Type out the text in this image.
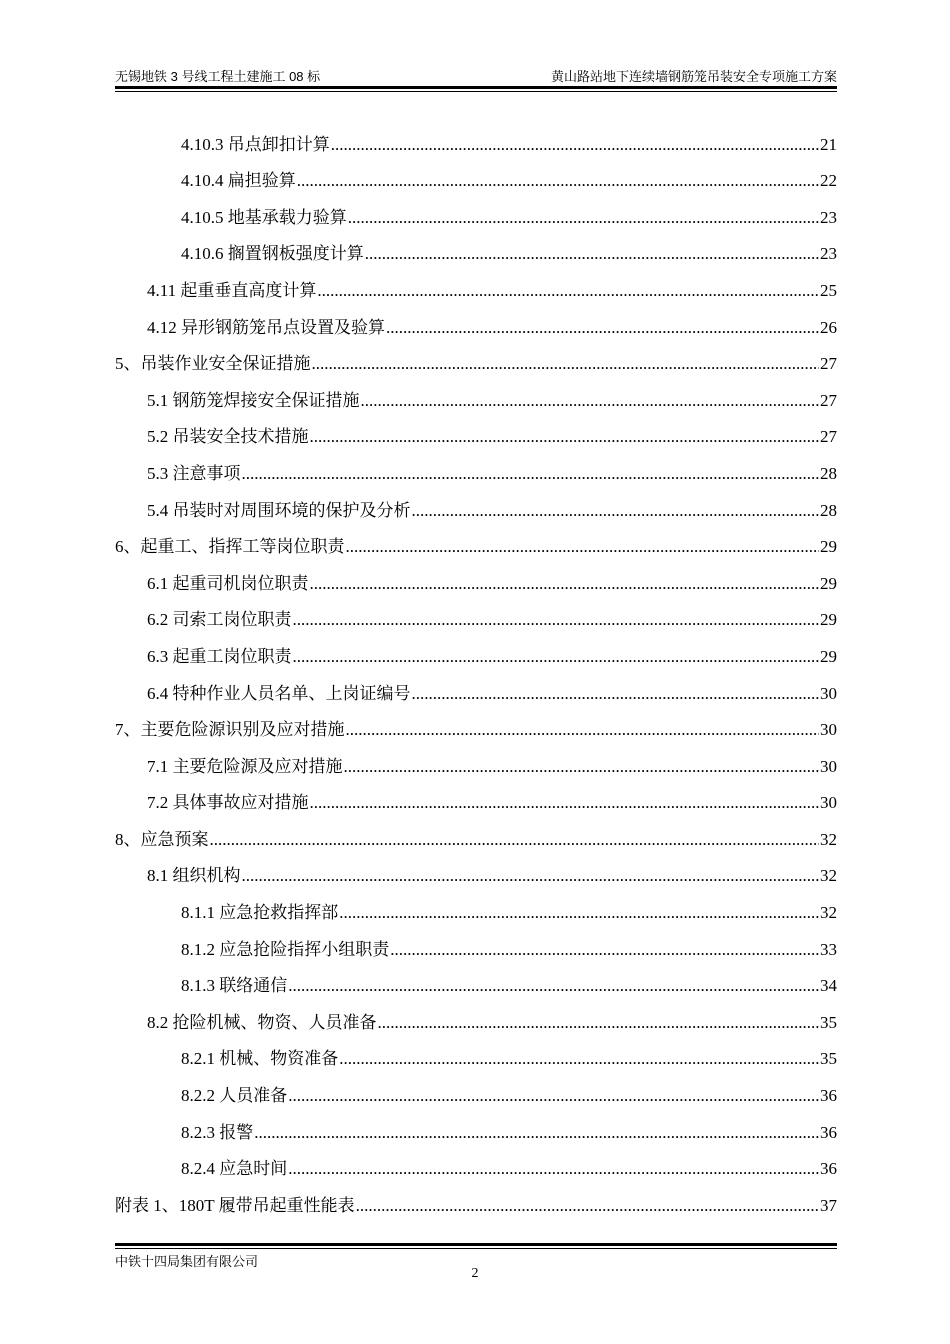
无锡地铁 3 号线工程土建施工 08 标	黄山路站地下连续墙钢筋笼吊装安全专项施工方案
4.10.3 吊点卸扣计算 .....	21
4.10.4 扁担验算 .....	22
4.10.5 地基承载力验算 .....	23
4.10.6 搁置钢板强度计算 .....	23
4.11 起重垂直高度计算 .....	25
4.12 异形钢筋笼吊点设置及验算 .....	26
5、吊装作业安全保证措施 .....	27
5.1 钢筋笼焊接安全保证措施 .....	27
5.2 吊装安全技术措施 .....	27
5.3 注意事项 .....	28
5.4 吊装时对周围环境的保护及分析 .....	28
6、起重工、指挥工等岗位职责 .....	29
6.1 起重司机岗位职责 .....	29
6.2 司索工岗位职责 .....	29
6.3 起重工岗位职责 .....	29
6.4 特种作业人员名单、上岗证编号 .....	30
7、主要危险源识别及应对措施 .....	30
7.1 主要危险源及应对措施 .....	30
7.2 具体事故应对措施 .....	30
8、应急预案 .....	32
8.1 组织机构 .....	32
8.1.1 应急抢救指挥部 .....	32
8.1.2 应急抢险指挥小组职责 .....	33
8.1.3 联络通信 .....	34
8.2 抢险机械、物资、人员准备 .....	35
8.2.1 机械、物资准备 .....	35
8.2.2 人员准备 .....	36
8.2.3 报警 .....	36
8.2.4 应急时间 .....	36
附表 1、180T 履带吊起重性能表 .....	37
中铁十四局集团有限公司
2
